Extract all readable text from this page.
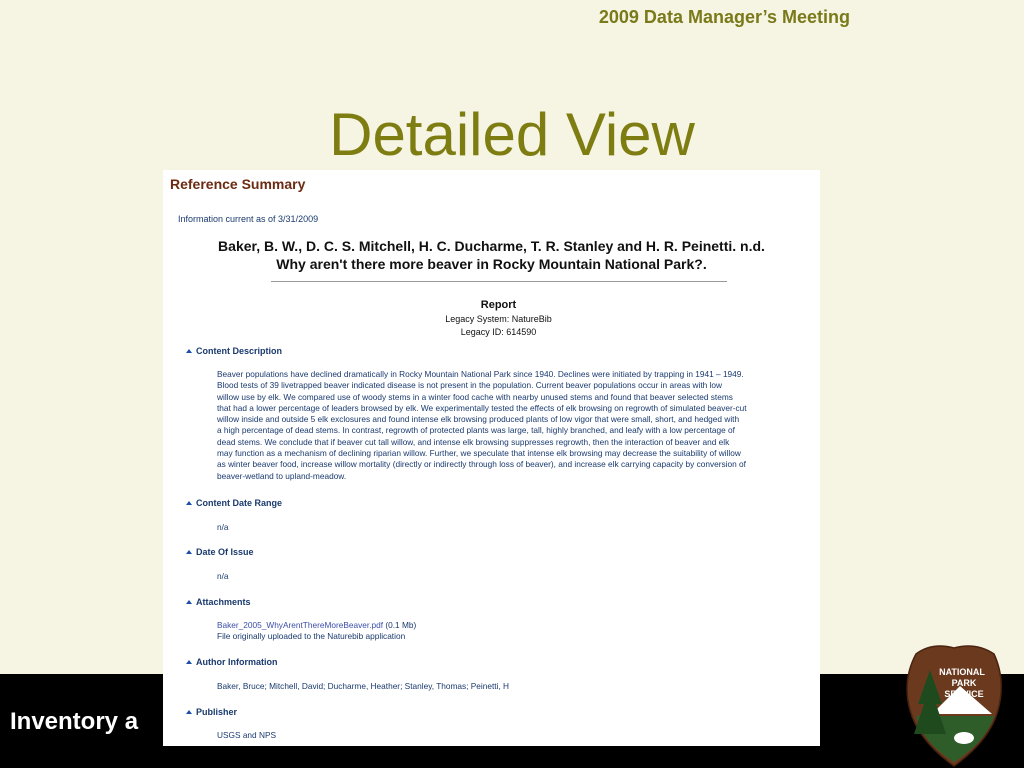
2009 Data Manager’s Meeting
Detailed View
Inventory a
NATIONAL
PARK
SERVICE
Reference Summary
Information current as of 3/31/2009
Baker, B. W., D. C. S. Mitchell, H. C. Ducharme, T. R. Stanley and H. R. Peinetti. n.d.
Why aren't there more beaver in Rocky Mountain National Park?.
Report
Legacy System: NatureBib
Legacy ID: 614590
Content Description
Beaver populations have declined dramatically in Rocky Mountain National Park since 1940. Declines were initiated by trapping in 1941 – 1949.
Blood tests of 39 livetrapped beaver indicated disease is not present in the population. Current beaver populations occur in areas with low
willow use by elk. We compared use of woody stems in a winter food cache with nearby unused stems and found that beaver selected stems
that had a lower percentage of leaders browsed by elk. We experimentally tested the effects of elk browsing on regrowth of simulated beaver-cut
willow inside and outside 5 elk exclosures and found intense elk browsing produced plants of low vigor that were small, short, and hedged with
a high percentage of dead stems. In contrast, regrowth of protected plants was large, tall, highly branched, and leafy with a low percentage of
dead stems. We conclude that if beaver cut tall willow, and intense elk browsing suppresses regrowth, then the interaction of beaver and elk
may function as a mechanism of declining riparian willow. Further, we speculate that intense elk browsing may decrease the suitability of willow
as winter beaver food, increase willow mortality (directly or indirectly through loss of beaver), and increase elk carrying capacity by conversion of
beaver-wetland to upland-meadow.
Content Date Range
n/a
Date Of Issue
n/a
Attachments
Baker_2005_WhyArentThereMoreBeaver.pdf (0.1 Mb)
File originally uploaded to the Naturebib application
Author Information
Baker, Bruce; Mitchell, David; Ducharme, Heather; Stanley, Thomas; Peinetti, H
Publisher
USGS and NPS
